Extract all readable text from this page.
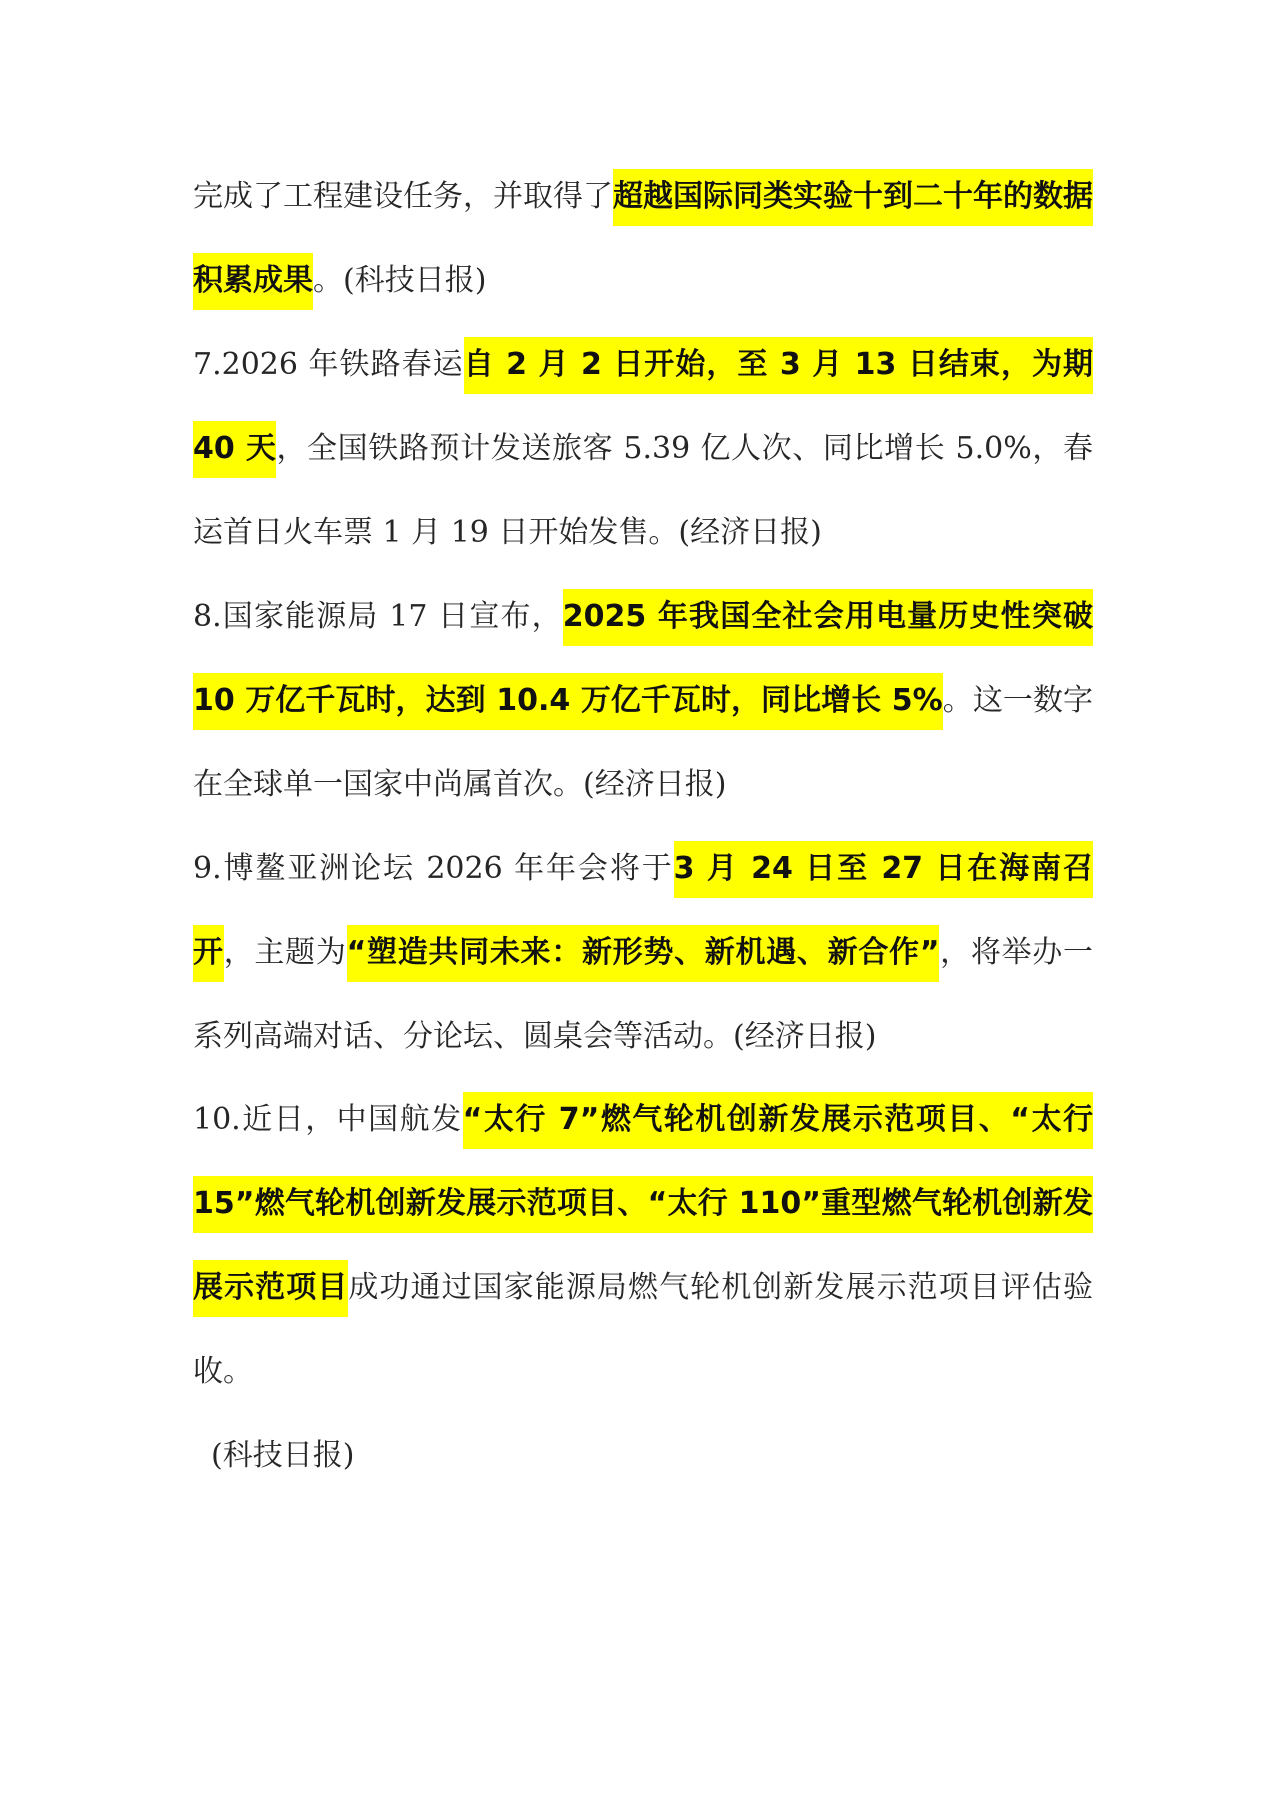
完成了工程建设任务，并取得了超越国际同类实验十到二十年的数据积累成果。(科技日报)

7.2026 年铁路春运自 2 月 2 日开始，至 3 月 13 日结束，为期 40 天，全国铁路预计发送旅客 5.39 亿人次、同比增长 5.0%，春运首日火车票 1 月 19 日开始发售。(经济日报)

8.国家能源局 17 日宣布，2025 年我国全社会用电量历史性突破 10 万亿千瓦时，达到 10.4 万亿千瓦时，同比增长 5%。这一数字在全球单一国家中尚属首次。(经济日报)

9.博鳌亚洲论坛 2026 年年会将于3 月 24 日至 27 日在海南召开，主题为“塑造共同未来：新形势、新机遇、新合作”，将举办一系列高端对话、分论坛、圆桌会等活动。(经济日报)

10.近日，中国航发“太行 7”燃气轮机创新发展示范项目、“太行 15”燃气轮机创新发展示范项目、“太行 110”重型燃气轮机创新发展示范项目成功通过国家能源局燃气轮机创新发展示范项目评估验收。
(科技日报)
